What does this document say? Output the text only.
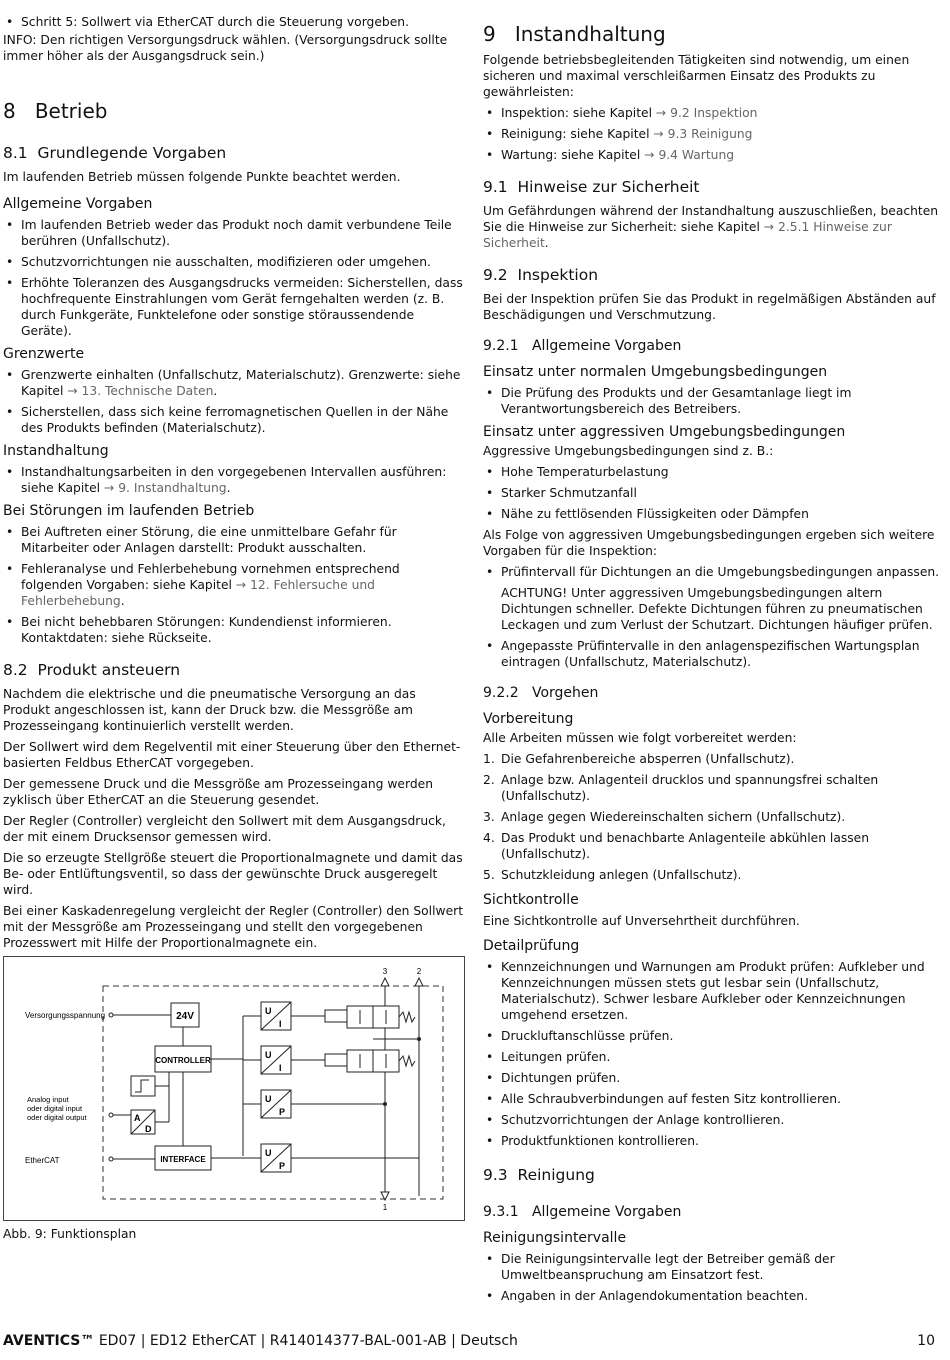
• Schritt 5: Sollwert via EtherCAT durch die Steuerung vorgeben.

INFO: Den richtigen Versorgungsdruck wählen. (Versorgungsdruck sollte immer höher als der Ausgangsdruck sein.)

8 Betrieb
8.1 Grundlegende Vorgaben

Im laufenden Betrieb müssen folgende Punkte beachtet werden.

Allgemeine Vorgaben
• Im laufenden Betrieb weder das Produkt noch damit verbundene Teile berühren (Unfallschutz).
• Schutzvorrichtungen nie ausschalten, modifizieren oder umgehen.
• Erhöhte Toleranzen des Ausgangsdrucks vermeiden: Sicherstellen, dass hochfrequente Einstrahlungen vom Gerät ferngehalten werden (z. B. durch Funkgeräte, Funktelefone oder sonstige störaussendende Geräte).
Grenzwerte
• Grenzwerte einhalten (Unfallschutz, Materialschutz). Grenzwerte: siehe Kapitel → 13. Technische Daten.
• Sicherstellen, dass sich keine ferromagnetischen Quellen in der Nähe des Produkts befinden (Materialschutz).
Instandhaltung
• Instandhaltungsarbeiten in den vorgegebenen Intervallen ausführen: siehe Kapitel → 9. Instandhaltung.
Bei Störungen im laufenden Betrieb
• Bei Auftreten einer Störung, die eine unmittelbare Gefahr für Mitarbeiter oder Anlagen darstellt: Produkt ausschalten.
• Fehleranalyse und Fehlerbehebung vornehmen entsprechend folgenden Vorgaben: siehe Kapitel → 12. Fehlersuche und Fehlerbehebung.
• Bei nicht behebbaren Störungen: Kundendienst informieren. Kontaktdaten: siehe Rückseite.
8.2 Produkt ansteuern

Nachdem die elektrische und die pneumatische Versorgung an das Produkt angeschlossen ist, kann der Druck bzw. die Messgröße am Prozesseingang kontinuierlich verstellt werden.

Der Sollwert wird dem Regelventil mit einer Steuerung über den Ethernet- basierten Feldbus EtherCAT vorgegeben.

Der gemessene Druck und die Messgröße am Prozesseingang werden zyklisch über EtherCAT an die Steuerung gesendet.

Der Regler (Controller) vergleicht den Sollwert mit dem Ausgangsdruck, der mit einem Drucksensor gemessen wird.

Die so erzeugte Stellgröße steuert die Proportionalmagnete und damit das Be- oder Entlüftungsventil, so dass der gewünschte Druck ausgeregelt wird.

Bei einer Kaskadenregelung vergleicht der Regler (Controller) den Sollwert mit der Messgröße am Prozesseingang und stellt den vorgegebenen Prozesswert mit Hilfe der Proportionalmagnete ein.

Versorgungsspannung
Analog input
oder digital input
oder digital output
EtherCAT
24V
CONTROLLER
A
D
INTERFACE
U
I
U
I
U
P
U
P
3	2
1

Abb. 9: Funktionsplan

9 Instandhaltung

Folgende betriebsbegleitenden Tätigkeiten sind notwendig, um einen sicheren und maximal verschleißarmen Einsatz des Produkts zu gewährleisten:

• Inspektion: siehe Kapitel → 9.2 Inspektion
• Reinigung: siehe Kapitel → 9.3 Reinigung
• Wartung: siehe Kapitel → 9.4 Wartung
9.1 Hinweise zur Sicherheit

Um Gefährdungen während der Instandhaltung auszuschließen, beachten Sie die Hinweise zur Sicherheit: siehe Kapitel → 2.5.1 Hinweise zur Sicherheit.

9.2 Inspektion

Bei der Inspektion prüfen Sie das Produkt in regelmäßigen Abständen auf Beschädigungen und Verschmutzung.

9.2.1 Allgemeine Vorgaben
Einsatz unter normalen Umgebungsbedingungen
• Die Prüfung des Produkts und der Gesamtanlage liegt im Verantwortungsbereich des Betreibers.
Einsatz unter aggressiven Umgebungsbedingungen

Aggressive Umgebungsbedingungen sind z. B.:

• Hohe Temperaturbelastung
• Starker Schmutzanfall
• Nähe zu fettlösenden Flüssigkeiten oder Dämpfen

Als Folge von aggressiven Umgebungsbedingungen ergeben sich weitere Vorgaben für die Inspektion:

• Prüfintervall für Dichtungen an die Umgebungsbedingungen anpassen.
ACHTUNG! Unter aggressiven Umgebungsbedingungen altern Dichtungen schneller. Defekte Dichtungen führen zu pneumatischen Leckagen und zum Verlust der Schutzart. Dichtungen häufiger prüfen.
• Angepasste Prüfintervalle in den anlagenspezifischen Wartungsplan eintragen (Unfallschutz, Materialschutz).
9.2.2 Vorgehen
Vorbereitung

Alle Arbeiten müssen wie folgt vorbereitet werden:

1. Die Gefahrenbereiche absperren (Unfallschutz).
2. Anlage bzw. Anlagenteil drucklos und spannungsfrei schalten (Unfallschutz).
3. Anlage gegen Wiedereinschalten sichern (Unfallschutz).
4. Das Produkt und benachbarte Anlagenteile abkühlen lassen (Unfallschutz).
5. Schutzkleidung anlegen (Unfallschutz).
Sichtkontrolle

Eine Sichtkontrolle auf Unversehrtheit durchführen.

Detailprüfung
• Kennzeichnungen und Warnungen am Produkt prüfen: Aufkleber und Kennzeichnungen müssen stets gut lesbar sein (Unfallschutz, Materialschutz). Schwer lesbare Aufkleber oder Kennzeichnungen umgehend ersetzen.
• Druckluftanschlüsse prüfen.
• Leitungen prüfen.
• Dichtungen prüfen.
• Alle Schraubverbindungen auf festen Sitz kontrollieren.
• Schutzvorrichtungen der Anlage kontrollieren.
• Produktfunktionen kontrollieren.
9.3 Reinigung
9.3.1 Allgemeine Vorgaben
Reinigungsintervalle
• Die Reinigungsintervalle legt der Betreiber gemäß der Umweltbeanspruchung am Einsatzort fest.
• Angaben in der Anlagendokumentation beachten.
AVENTICS™ ED07 | ED12 EtherCAT | R414014377-BAL-001-AB | Deutsch	10
